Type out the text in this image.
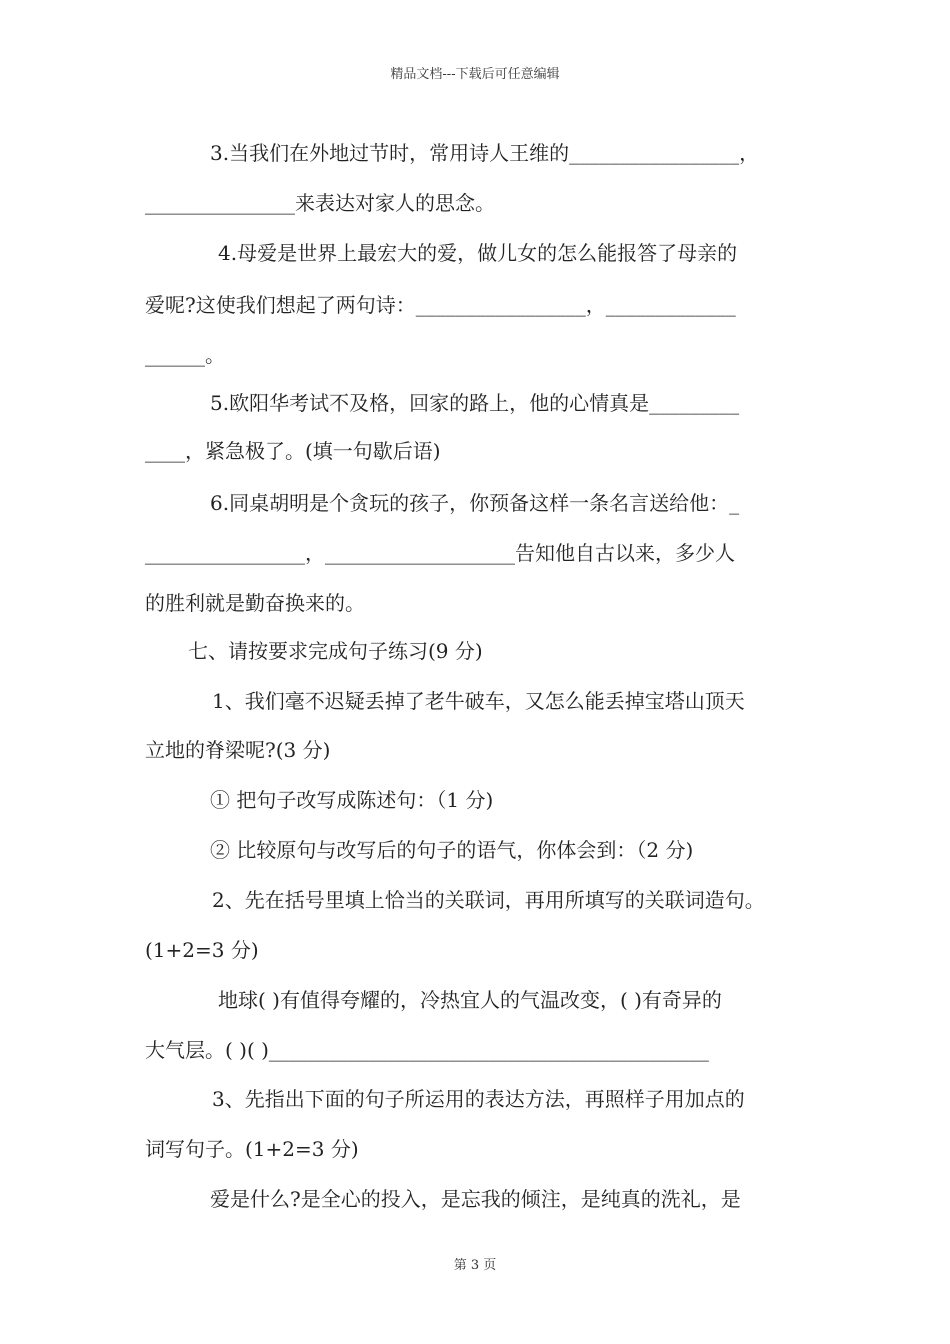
精品文档---下载后可任意编辑
3.当我们在外地过节时，常用诗人王维的_________________，
_______________来表达对家人的思念。
4.母爱是世界上最宏大的爱，做儿女的怎么能报答了母亲的
爱呢?这使我们想起了两句诗：_________________，_____________
______。
5.欧阳华考试不及格，回家的路上，他的心情真是_________
____，紧急极了。(填一句歇后语)
6.同桌胡明是个贪玩的孩子，你预备这样一条名言送给他：_
________________，___________________告知他自古以来，多少人
的胜利就是勤奋换来的。
七、请按要求完成句子练习(9 分)
1、我们毫不迟疑丢掉了老牛破车，又怎么能丢掉宝塔山顶天
立地的脊梁呢?(3 分)
① 把句子改写成陈述句：（1 分)
② 比较原句与改写后的句子的语气，你体会到：（2 分)
2、先在括号里填上恰当的关联词，再用所填写的关联词造句。
(1+2=3 分)
地球( )有值得夸耀的，冷热宜人的气温改变，( )有奇异的
大气层。( )( )____________________________________________
3、先指出下面的句子所运用的表达方法，再照样子用加点的
词写句子。(1+2=3 分)
爱是什么?是全心的投入，是忘我的倾注，是纯真的洗礼，是
第 3 页
